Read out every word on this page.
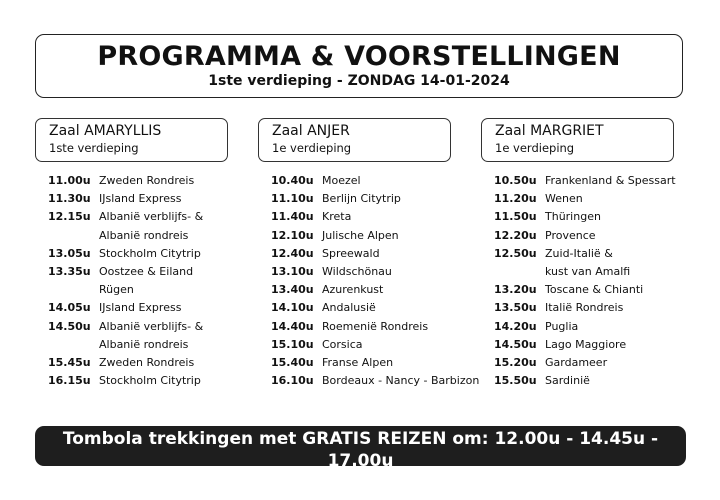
PROGRAMMA & VOORSTELLINGEN
1ste verdieping - ZONDAG 14-01-2024
Zaal AMARYLLIS
1ste verdieping
11.00u Zweden Rondreis
11.30u IJsland Express
12.15u Albanië verblijfs- &
Albanië rondreis
13.05u Stockholm Citytrip
13.35u Oostzee & Eiland Rügen
14.05u IJsland Express
14.50u Albanië verblijfs- &
Albanië rondreis
15.45u Zweden Rondreis
16.15u Stockholm Citytrip
Zaal ANJER
1e verdieping
10.40u Moezel
11.10u Berlijn Citytrip
11.40u Kreta
12.10u Julische Alpen
12.40u Spreewald
13.10u Wildschönau
13.40u Azurenkust
14.10u Andalusië
14.40u Roemenië Rondreis
15.10u Corsica
15.40u Franse Alpen
16.10u Bordeaux - Nancy - Barbizon
Zaal MARGRIET
1e verdieping
10.50u Frankenland & Spessart
11.20u Wenen
11.50u Thüringen
12.20u Provence
12.50u Zuid-Italië &
kust van Amalfi
13.20u Toscane & Chianti
13.50u Italië Rondreis
14.20u Puglia
14.50u Lago Maggiore
15.20u Gardameer
15.50u Sardinië
Tombola trekkingen met GRATIS REIZEN om: 12.00u - 14.45u - 17.00u
(De autocars vertrekken telkens na de trekking)
